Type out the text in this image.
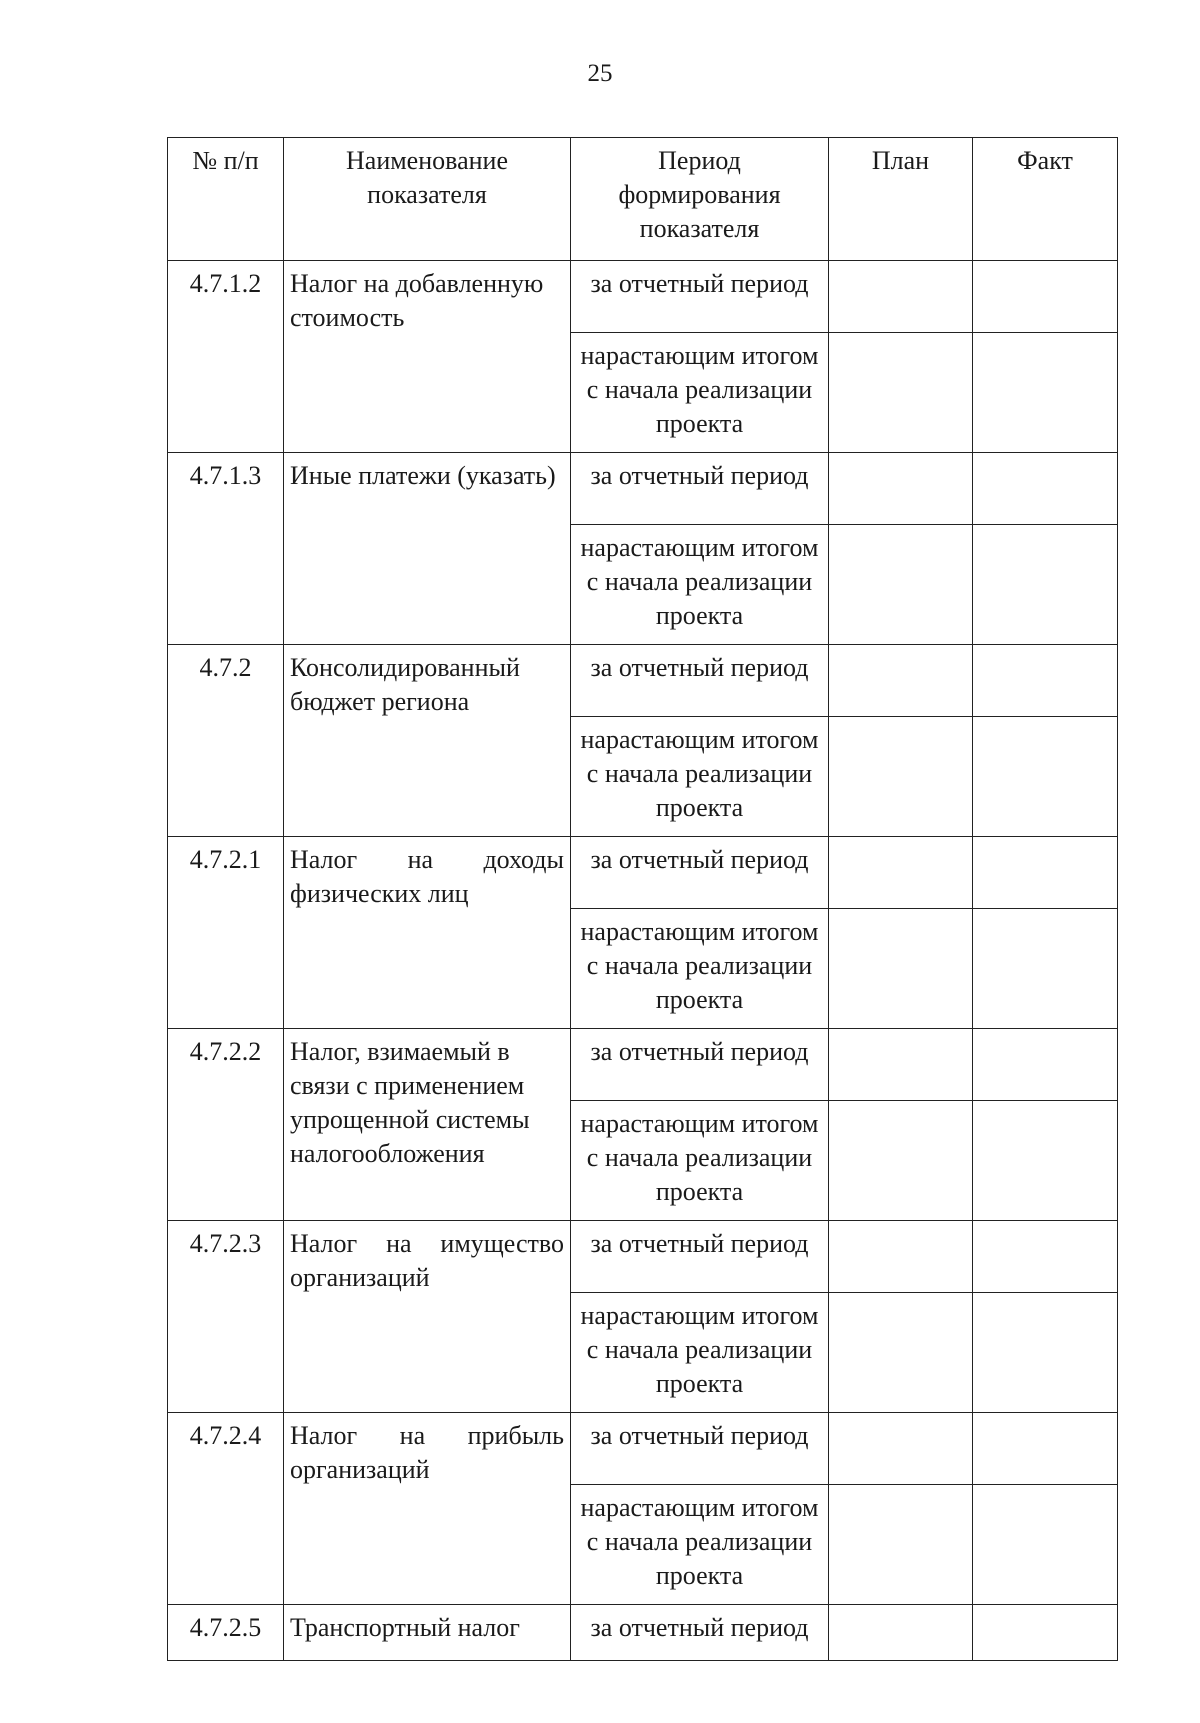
25
№ п/п	Наименование показателя	Период формирования показателя	План	Факт
4.7.1.2	Налог на добавленную стоимость	за отчетный период		
		нарастающим итогом с начала реализации проекта		
4.7.1.3	Иные платежи (указать)	за отчетный период		
		нарастающим итогом с начала реализации проекта		
4.7.2	Консолидированный бюджет региона	за отчетный период		
		нарастающим итогом с начала реализации проекта		
4.7.2.1	Налог на доходы физических лиц	за отчетный период		
		нарастающим итогом с начала реализации проекта		
4.7.2.2	Налог, взимаемый в связи с применением упрощенной системы налогообложения	за отчетный период		
		нарастающим итогом с начала реализации проекта		
4.7.2.3	Налог на имущество организаций	за отчетный период		
		нарастающим итогом с начала реализации проекта		
4.7.2.4	Налог на прибыль организаций	за отчетный период		
		нарастающим итогом с начала реализации проекта		
4.7.2.5	Транспортный налог	за отчетный период		
